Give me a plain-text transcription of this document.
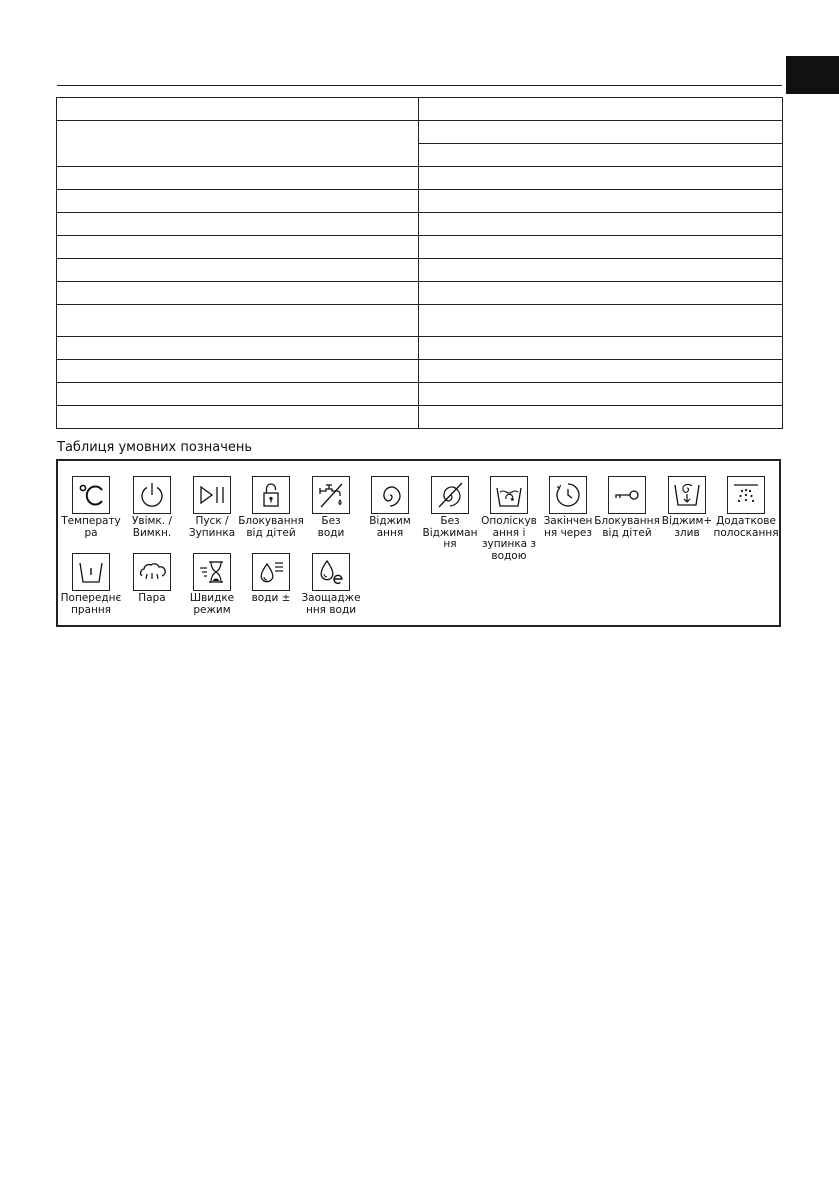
Таблиця умовних позначень
Температу
ра
Увімк. /
Вимкн.
Пуск /
Зупинка
Блокування
від дітей
Без
води
Віджим
ання
Без
Віджиман
ня
Ополіскув
ання і
зупинка з
водою
Закінчен
ня через
Блокування
від дітей
Віджим+
злив
Додаткове
полоскання
Попереднє
прання
Пара	Швидке
режим
води ±	Заощадже
ння води
